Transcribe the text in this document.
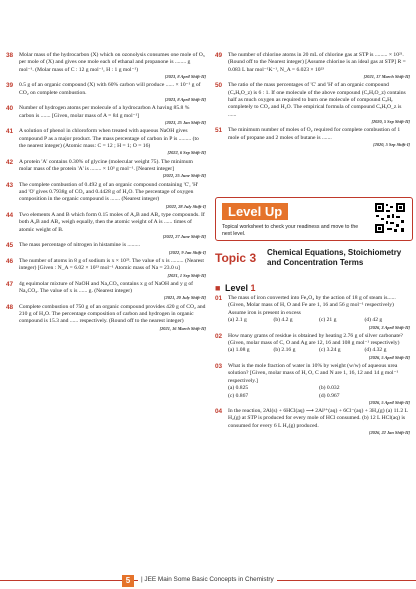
38	Molar mass of the hydrocarbon (X) which on ozonolysis consumes one mole of O₃ per mole of (X) and gives one mole each of ethanal and propanone is ........ g mol⁻¹. (Molar mass of C : 12 g mol⁻¹, H : 1 g mol⁻¹)
[2023, 8 April Shift-II]
39	0.5 g of an organic compound (X) with 60% carbon will produce ...... × 10⁻¹ g of CO₂ on complete combustion.
[2023, 8 April Shift-II]
40	Number of hydrogen atoms per molecule of a hydrocarbon A having 85.8 % carbon is ....... [Given, molar mass of A = 84 g mol⁻¹]
[2023, 25 Jan Shift-II]
41	A solution of phenol in chloroform when treated with aqueous NaOH gives compound P as a major product. The mass percentage of carbon in P is ......... (to the nearest integer) (Atomic mass: C = 12 ; H = 1; O = 16)
[2022, 6 Sep Shift-II]
42	A protein 'A' contains 0.30% of glycine (molecular weight 75). The minimum molar mass of the protein 'A' is ........ × 10³ g mol⁻¹. [Nearest integer]
[2022, 25 June Shift-II]
43	The complete combustion of 0.492 g of an organic compound containing 'C', 'H' and 'O' gives 0.7938g of CO₂ and 0.4428 g of H₂O. The percentage of oxygen composition in the organic compound is ....... (Nearest integer)
[2022, 28 July Shift-I]
44	Two elements A and B which form 0.15 moles of A₂B and AB₂ type compounds. If both A₂B and AB₂ weigh equally, then the atomic weight of A is ...... times of atomic weight of B.
[2022, 27 June Shift-II]
45	The mass percentage of nitrogen in histamine is .........
[2022, 9 Jan Shift-I]
46	The number of atoms in 8 g of sodium is x × 10²³. The value of x is ......... (Nearest integer) [Given : N_A = 6.02 × 10²³ mol⁻¹ Atomic mass of Na = 23.0 u]
[2021, 1 Sep Shift-II]
47	4g equimolar mixture of NaOH and Na₂CO₃ contains x g of NaOH and y g of Na₂CO₃. The value of x is ...... g. (Nearest integer)
[2021, 20 July Shift-II]
48	Complete combustion of 750 g of an organic compound provides 420 g of CO₂ and 210 g of H₂O. The percentage composition of carbon and hydrogen in organic compound is 15.3 and ...... respectively. (Round off to the nearest integer)
[2021, 16 March Shift-II]
49	The number of chlorine atoms in 20 mL of chlorine gas at STP is ......... × 10²¹. (Round off to the Nearest integer) [Assume chlorine is an ideal gas at STP] R = 0.083 L bar mol⁻¹K⁻¹, N_A = 6.023 × 10²³
[2021, 17 March Shift-II]
50	The ratio of the mass percentages of 'C' and 'H' of an organic compound (CₓHᵧO_z) is 6 : 1. If one molecule of the above compound (CₓHᵧO_z) contains half as much oxygen as required to burn one molecule of compound CₓHᵧ completely to CO₂ and H₂O. The empirical formula of compound CₓHᵧO_z is ......
[2020, 5 Sep Shift-II]
51	The minimum number of moles of O₂ required for complete combustion of 1 mole of propane and 2 moles of butane is .......
[2020, 5 Sep Shift-I]
Level Up
Topical worksheet to check your readiness and move to the next level.
Topic 3 Chemical Equations, Stoichiometry and Concentration Terms
■ Level 1
01	The mass of iron converted into Fe₃O₄ by the action of 18 g of steam is......(Given, Molar mass of H, O and Fe are 1, 16 and 56 g mol⁻¹ respectively) Assume iron is present in excess
(a) 2.1 g	(b) 4.2 g	(c) 21 g	(d) 42 g
[2026, 3 April Shift-II]
02	How many grams of residue is obtained by heating 2.76 g of silver carbonate? (Given, molar mass of C, O and Ag are 12, 16 and 108 g mol⁻¹ respectively)
(a) 1.08 g	(b) 2.16 g	(c) 3.24 g	(d) 4.32 g
[2026, 5 April Shift-II]
03	What is the mole fraction of water in 10% by weight (w/w) of aqueous urea solution? [Given, molar mass of H, O, C and N are 1, 16, 12 and 14 g mol⁻¹ respectively.]
(a) 0.825	(b) 0.032
(c) 0.867	(d) 0.967
[2026, 5 April Shift-II]
04	In the reaction, 2Al(s) + 6HCl(aq) ⟶ 2Al³⁺(aq) + 6Cl⁻(aq) + 3H₂(g) (a) 11.2 L H₂(g) at STP is produced for every mole of HCl consumed. (b) 12 L HCl(aq) is consumed for every 6 L H₂(g) produced.
[2026, 22 Jan Shift-II]
5	| JEE Main Some Basic Concepts in Chemistry
